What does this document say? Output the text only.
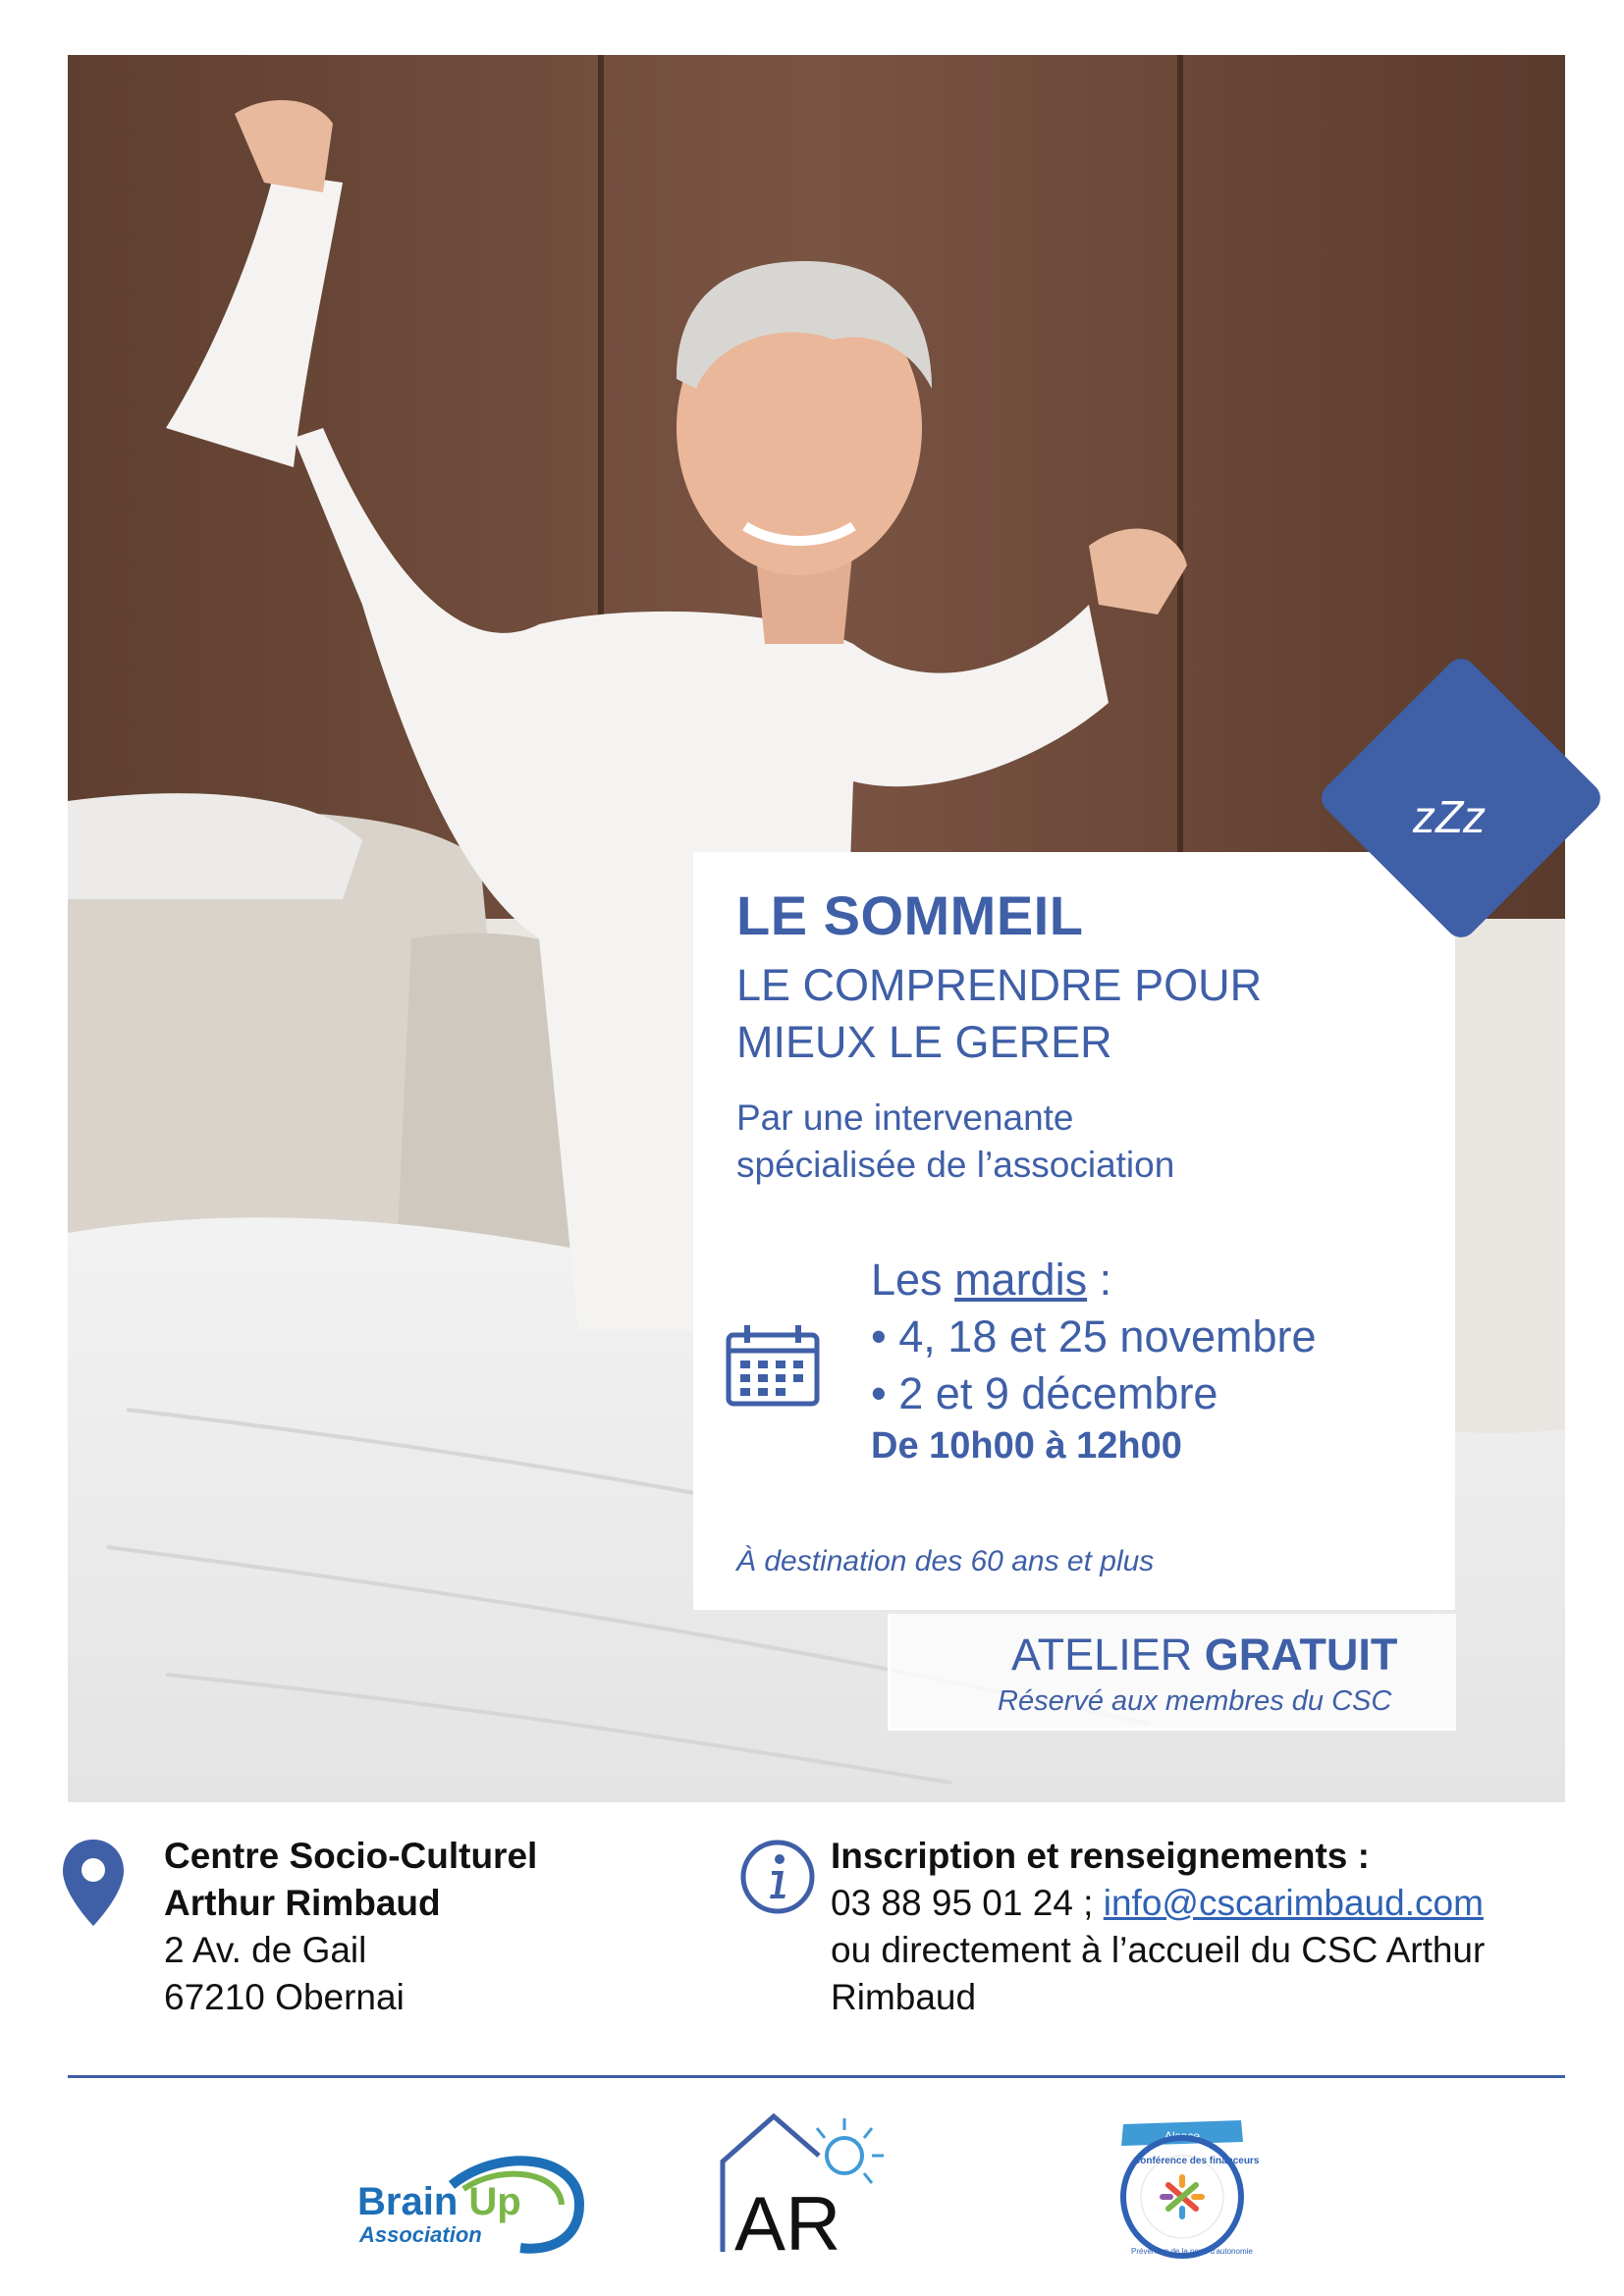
zZz
LE SOMMEIL
LE COMPRENDRE POUR
MIEUX LE GERER
Par une intervenante
spécialisée de l’association
Les mardis :
• 4, 18 et 25 novembre
• 2 et 9 décembre
De 10h00 à 12h00
À destination des 60 ans et plus
ATELIER GRATUIT
Réservé aux membres du CSC
Centre Socio-Culturel
Arthur Rimbaud
2 Av. de Gail
67210 Obernai
Inscription et renseignements :
03 88 95 01 24 ; info@cscarimbaud.com
ou directement à l’accueil du CSC Arthur
Rimbaud
Brain Up
Association	AR
Alsace
Conférence des financeurs
Prévention de la perte d'autonomie
